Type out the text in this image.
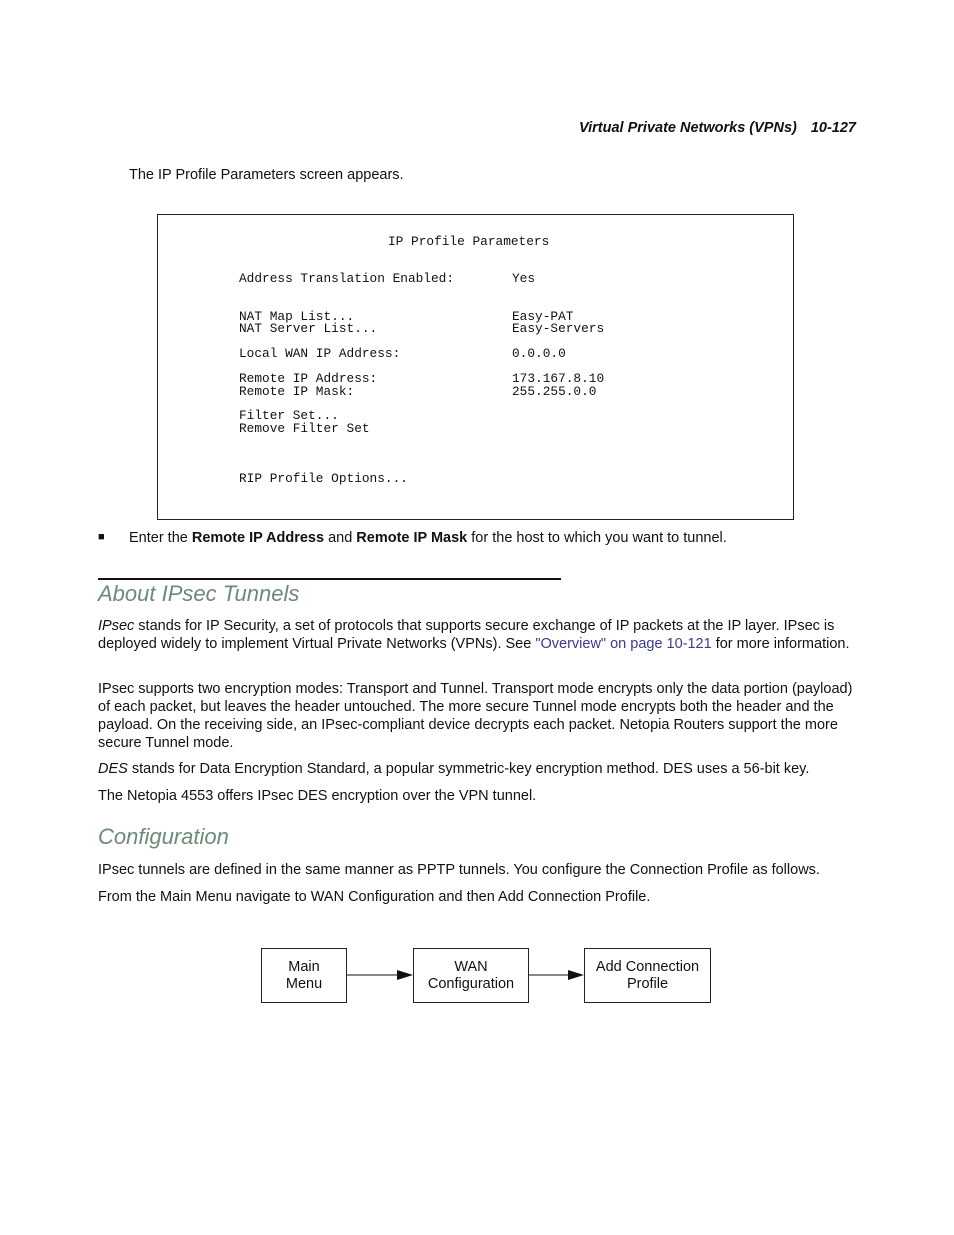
Virtual Private Networks (VPNs) 10-127
The IP Profile Parameters screen appears.
IP Profile Parameters
Address Translation Enabled:	Yes
NAT Map List...	Easy-PAT
NAT Server List...	Easy-Servers
Local WAN IP Address:	0.0.0.0
Remote IP Address:	173.167.8.10
Remote IP Mask:	255.255.0.0
Filter Set...
Remove Filter Set
RIP Profile Options...
■ Enter the Remote IP Address and Remote IP Mask for the host to which you want to tunnel.
About IPsec Tunnels

IPsec stands for IP Security, a set of protocols that supports secure exchange of IP packets at the IP layer. IPsec is deployed widely to implement Virtual Private Networks (VPNs). See "Overview" on page 10-121 for more information.

IPsec supports two encryption modes: Transport and Tunnel. Transport mode encrypts only the data portion (payload) of each packet, but leaves the header untouched. The more secure Tunnel mode encrypts both the header and the payload. On the receiving side, an IPsec-compliant device decrypts each packet. Netopia Routers support the more secure Tunnel mode.

DES stands for Data Encryption Standard, a popular symmetric-key encryption method. DES uses a 56-bit key.

The Netopia 4553 offers IPsec DES encryption over the VPN tunnel.
Configuration
IPsec tunnels are defined in the same manner as PPTP tunnels. You configure the Connection Profile as follows.
From the Main Menu navigate to WAN Configuration and then Add Connection Profile.
Main
Menu
WAN
Configuration
Add Connection
Profile
